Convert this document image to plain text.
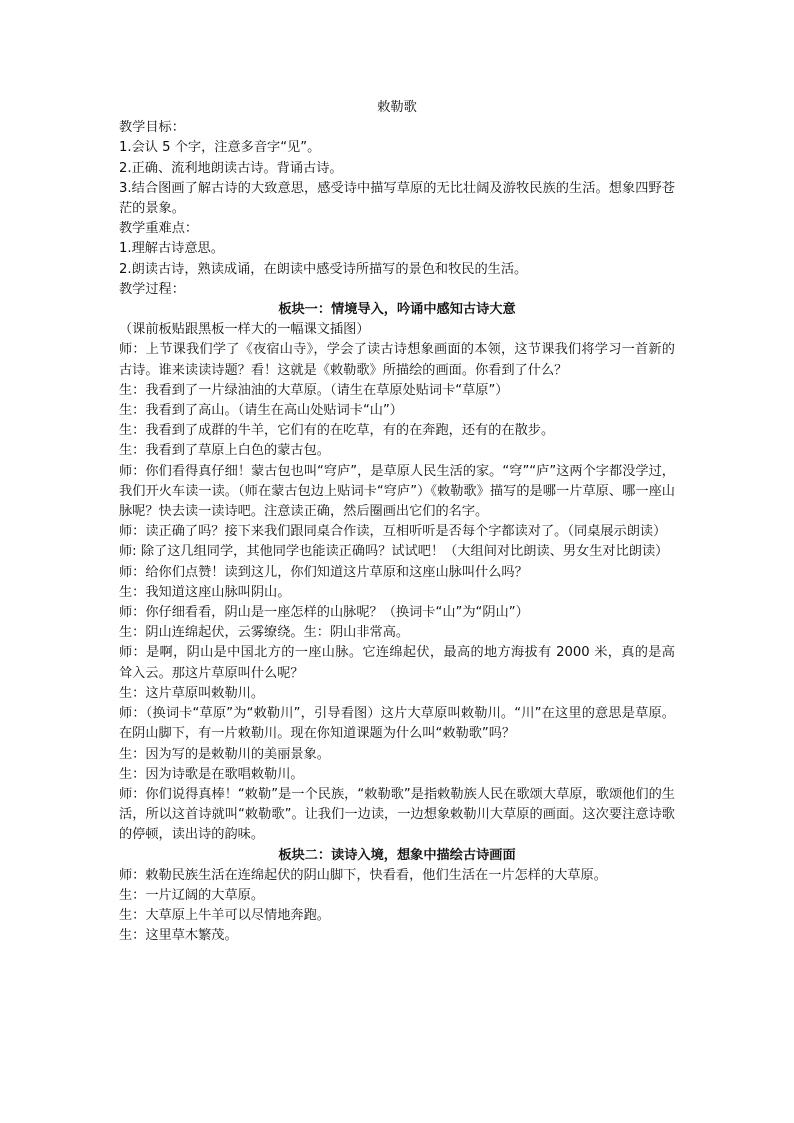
敕勒歌

教学目标：

1.会认 5 个字，注意多音字“见”。

2.正确、流利地朗读古诗。背诵古诗。

3.结合图画了解古诗的大致意思，感受诗中描写草原的无比壮阔及游牧民族的生活。想象四野苍茫的景象。

教学重难点：

1.理解古诗意思。

2.朗读古诗，熟读成诵，在朗读中感受诗所描写的景色和牧民的生活。

教学过程：

板块一：情境导入，吟诵中感知古诗大意

（课前板贴跟黑板一样大的一幅课文插图）

师：上节课我们学了《夜宿山寺》，学会了读古诗想象画面的本领，这节课我们将学习一首新的古诗。谁来读读诗题？看！这就是《敕勒歌》所描绘的画面。你看到了什么？

生：我看到了一片绿油油的大草原。（请生在草原处贴词卡“草原”）

生：我看到了高山。（请生在高山处贴词卡“山”）

生：我看到了成群的牛羊，它们有的在吃草，有的在奔跑，还有的在散步。

生：我看到了草原上白色的蒙古包。

师：你们看得真仔细！蒙古包也叫“穹庐”，是草原人民生活的家。“穹”“庐”这两个字都没学过，我们开火车读一读。（师在蒙古包边上贴词卡“穹庐”）《敕勒歌》描写的是哪一片草原、哪一座山脉呢？快去读一读诗吧。注意读正确，然后圈画出它们的名字。

师：读正确了吗？接下来我们跟同桌合作读，互相听听是否每个字都读对了。（同桌展示朗读）

师: 除了这几组同学，其他同学也能读正确吗？试试吧！（大组间对比朗读、男女生对比朗读）

师：给你们点赞！读到这儿，你们知道这片草原和这座山脉叫什么吗？

生：我知道这座山脉叫阴山。

师：你仔细看看，阴山是一座怎样的山脉呢？（换词卡“山”为“阴山”）

生：阴山连绵起伏，云雾缭绕。生：阴山非常高。

师：是啊，阴山是中国北方的一座山脉。它连绵起伏，最高的地方海拔有 2000 米，真的是高耸入云。那这片草原叫什么呢？

生：这片草原叫敕勒川。

师：（换词卡“草原”为“敕勒川”，引导看图）这片大草原叫敕勒川。“川”在这里的意思是草原。在阴山脚下，有一片敕勒川。现在你知道课题为什么叫“敕勒歌”吗？

生：因为写的是敕勒川的美丽景象。

生：因为诗歌是在歌唱敕勒川。

师：你们说得真棒！“敕勒”是一个民族，“敕勒歌”是指敕勒族人民在歌颂大草原，歌颂他们的生活，所以这首诗就叫“敕勒歌”。让我们一边读，一边想象敕勒川大草原的画面。这次要注意诗歌的停顿，读出诗的韵味。

板块二：读诗入境，想象中描绘古诗画面

师：敕勒民族生活在连绵起伏的阴山脚下，快看看，他们生活在一片怎样的大草原。

生：一片辽阔的大草原。

生：大草原上牛羊可以尽情地奔跑。

生：这里草木繁茂。
